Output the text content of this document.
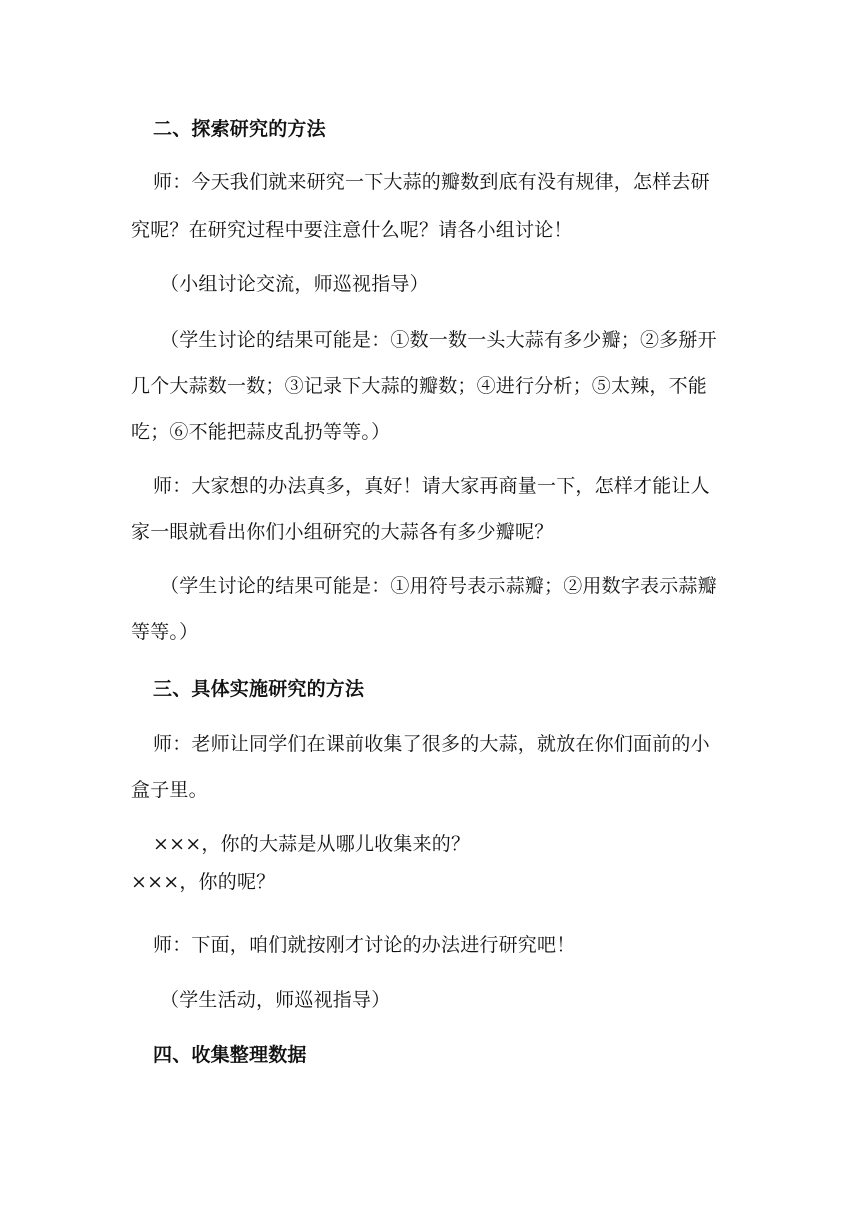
二、探索研究的方法
师：今天我们就来研究一下大蒜的瓣数到底有没有规律，怎样去研
究呢？在研究过程中要注意什么呢？请各小组讨论！
（小组讨论交流，师巡视指导）
（学生讨论的结果可能是：①数一数一头大蒜有多少瓣；②多掰开
几个大蒜数一数；③记录下大蒜的瓣数；④进行分析；⑤太辣，不能
吃；⑥不能把蒜皮乱扔等等。）
师：大家想的办法真多，真好！请大家再商量一下，怎样才能让人
家一眼就看出你们小组研究的大蒜各有多少瓣呢？
（学生讨论的结果可能是：①用符号表示蒜瓣；②用数字表示蒜瓣
等等。）
三、具体实施研究的方法
师：老师让同学们在课前收集了很多的大蒜，就放在你们面前的小
盒子里。
×××，你的大蒜是从哪儿收集来的？
×××，你的呢？
师：下面，咱们就按刚才讨论的办法进行研究吧！
（学生活动，师巡视指导）
四、收集整理数据
